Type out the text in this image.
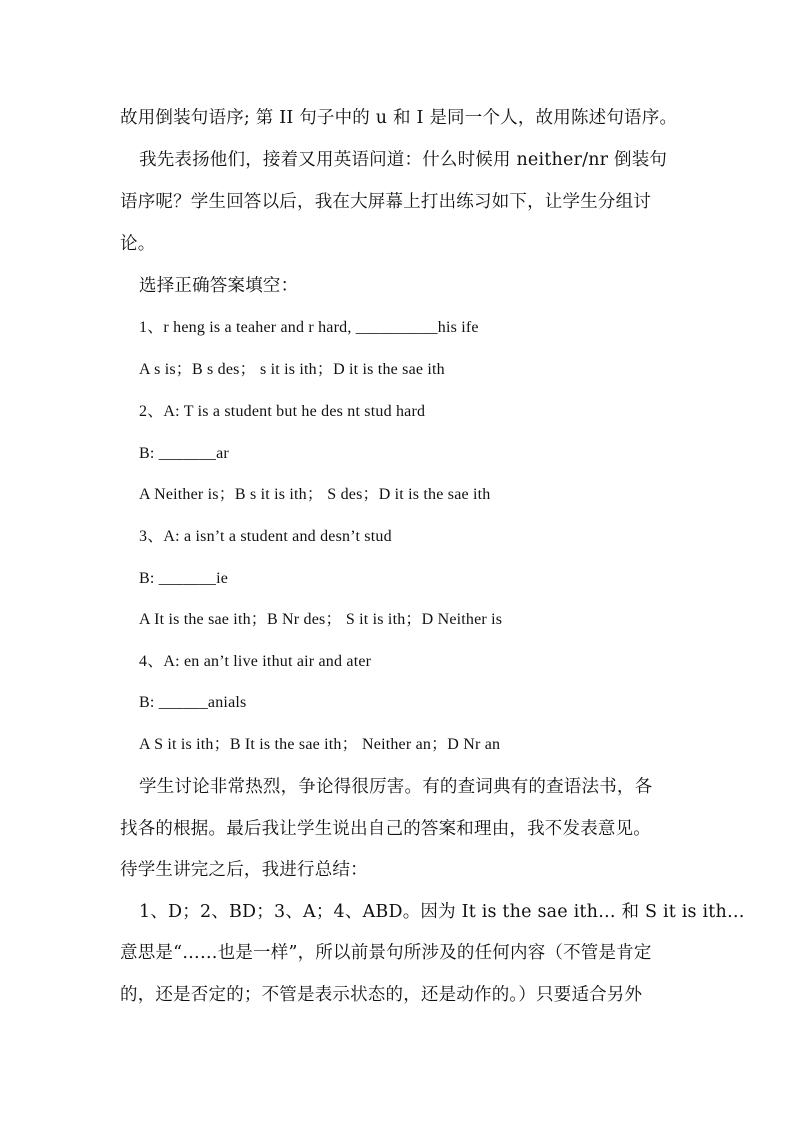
故用倒装句语序; 第 II 句子中的 u 和 I 是同一个人，故用陈述句语序。
我先表扬他们，接着又用英语问道：什么时候用 neither/nr 倒装句
语序呢？学生回答以后，我在大屏幕上打出练习如下，让学生分组讨
论。
选择正确答案填空：
1、r heng is a teaher and r hard, __________his ife
A s is；B s des； s it is ith；D it is the sae ith
2、A: T is a student but he des nt stud hard
B: _______ar
A Neither is；B s it is ith； S des；D it is the sae ith
3、A: a isn’t a student and desn’t stud
B: _______ie
A It is the sae ith；B Nr des； S it is ith；D Neither is
4、A: en an’t live ithut air and ater
B: ______anials
A S it is ith；B It is the sae ith； Neither an；D Nr an
学生讨论非常热烈，争论得很厉害。有的查词典有的查语法书，各
找各的根据。最后我让学生说出自己的答案和理由，我不发表意见。
待学生讲完之后，我进行总结：
1、D；2、BD；3、A；4、ABD。因为 It is the sae ith… 和 S it is ith…
意思是“……也是一样”，所以前景句所涉及的任何内容（不管是肯定
的，还是否定的；不管是表示状态的，还是动作的。）只要适合另外
